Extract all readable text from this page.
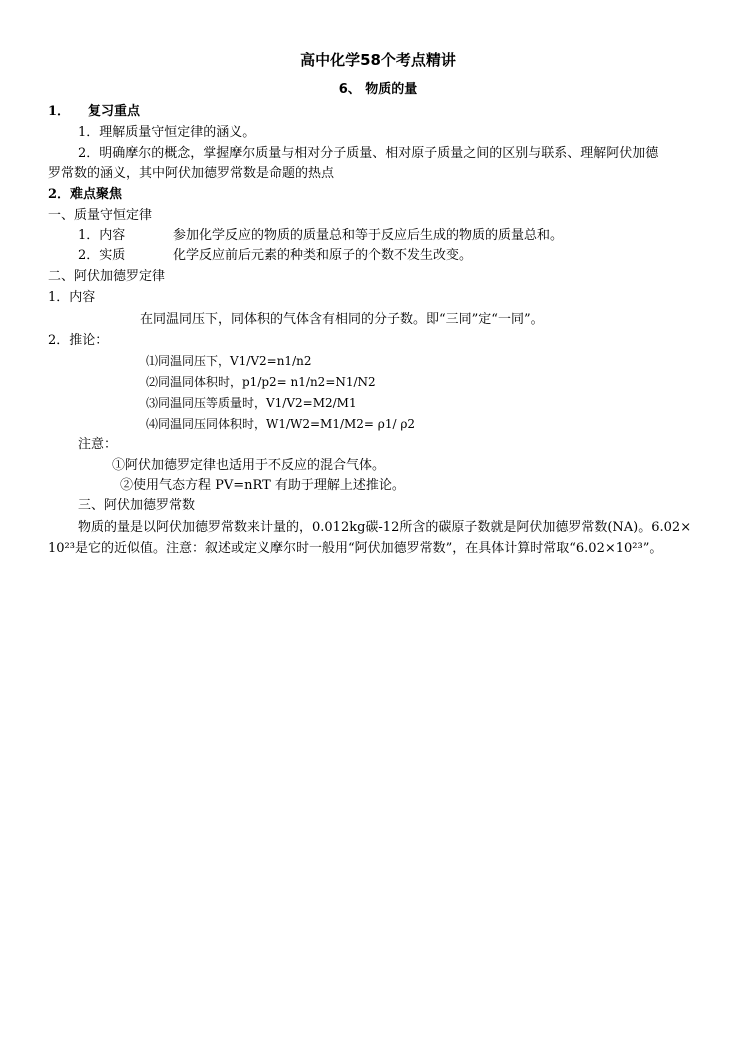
高中化学58个考点精讲
6、 物质的量
1． 复习重点
1．理解质量守恒定律的涵义。
2．明确摩尔的概念，掌握摩尔质量与相对分子质量、相对原子质量之间的区别与联系、理解阿伏加德
罗常数的涵义，其中阿伏加德罗常数是命题的热点
2．难点聚焦
一、质量守恒定律
1．内容	参加化学反应的物质的质量总和等于反应后生成的物质的质量总和。
2．实质	化学反应前后元素的种类和原子的个数不发生改变。
二、阿伏加德罗定律
1．内容
在同温同压下，同体积的气体含有相同的分子数。即“三同”定“一同”。
2．推论：
⑴同温同压下，V1/V2=n1/n2
⑵同温同体积时，p1/p2= n1/n2=N1/N2
⑶同温同压等质量时，V1/V2=M2/M1
⑷同温同压同体积时，W1/W2=M1/M2= ρ1/ ρ2
注意：
①阿伏加德罗定律也适用于不反应的混合气体。
②使用气态方程 PV=nRT 有助于理解上述推论。
三、阿伏加德罗常数
物质的量是以阿伏加德罗常数来计量的，0.012kg碳-12所含的碳原子数就是阿伏加德罗常数(NA)。6.02×
10²³是它的近似值。注意：叙述或定义摩尔时一般用“阿伏加德罗常数”，在具体计算时常取“6.02×10²³”。
